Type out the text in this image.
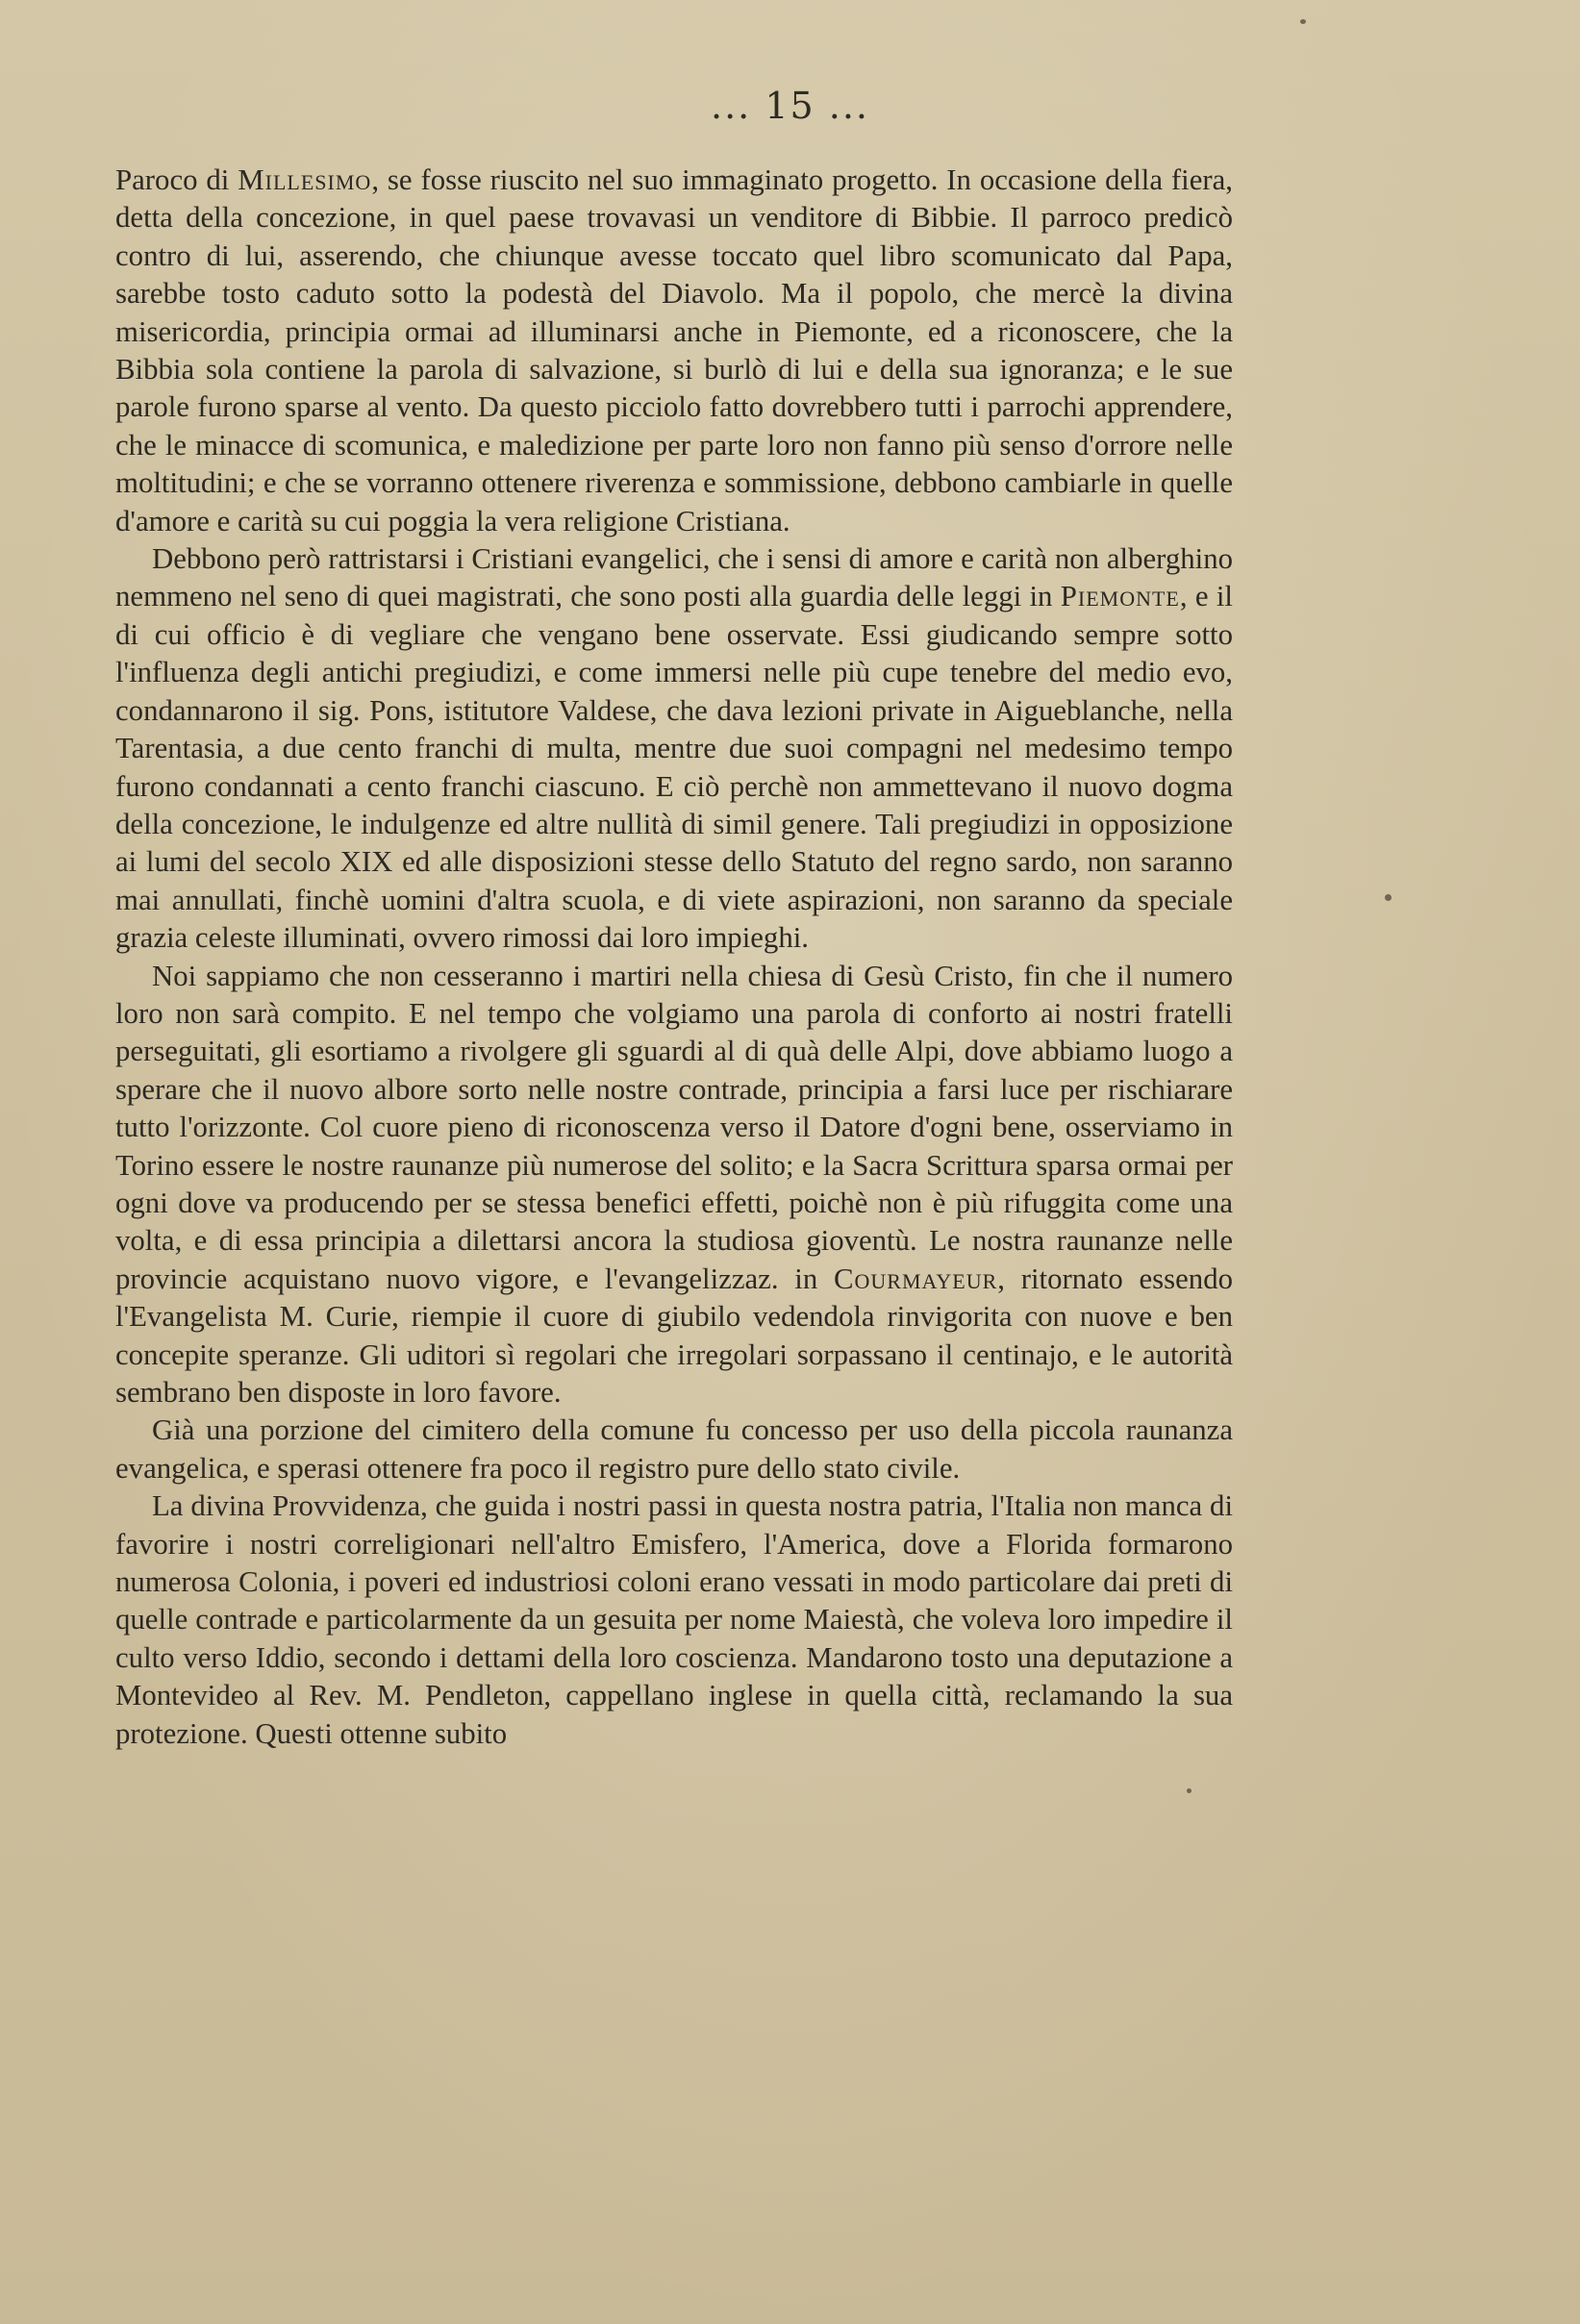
... 15 ...

Paroco di Millesimo, se fosse riuscito nel suo immaginato progetto. In occasione della fiera, detta della concezione, in quel paese trovavasi un venditore di Bibbie. Il parroco predicò contro di lui, asserendo, che chiunque avesse toccato quel libro scomunicato dal Papa, sarebbe tosto caduto sotto la podestà del Diavolo. Ma il popolo, che mercè la divina misericordia, principia ormai ad illuminarsi anche in Piemonte, ed a riconoscere, che la Bibbia sola contiene la parola di salvazione, si burlò di lui e della sua ignoranza; e le sue parole furono sparse al vento. Da questo picciolo fatto dovrebbero tutti i parrochi apprendere, che le minacce di scomunica, e maledizione per parte loro non fanno più senso d'orrore nelle moltitudini; e che se vorranno ottenere riverenza e sommissione, debbono cambiarle in quelle d'amore e carità su cui poggia la vera religione Cristiana.

Debbono però rattristarsi i Cristiani evangelici, che i sensi di amore e carità non alberghino nemmeno nel seno di quei magistrati, che sono posti alla guardia delle leggi in Piemonte, e il di cui officio è di vegliare che vengano bene osservate. Essi giudicando sempre sotto l'influenza degli antichi pregiudizi, e come immersi nelle più cupe tenebre del medio evo, condannarono il sig. Pons, istitutore Valdese, che dava lezioni private in Aigueblanche, nella Tarentasia, a due cento franchi di multa, mentre due suoi compagni nel medesimo tempo furono condannati a cento franchi ciascuno. E ciò perchè non ammettevano il nuovo dogma della concezione, le indulgenze ed altre nullità di simil genere. Tali pregiudizi in opposizione ai lumi del secolo XIX ed alle disposizioni stesse dello Statuto del regno sardo, non saranno mai annullati, finchè uomini d'altra scuola, e di viete aspirazioni, non saranno da speciale grazia celeste illuminati, ovvero rimossi dai loro impieghi.

Noi sappiamo che non cesseranno i martiri nella chiesa di Gesù Cristo, fin che il numero loro non sarà compito. E nel tempo che volgiamo una parola di conforto ai nostri fratelli perseguitati, gli esortiamo a rivolgere gli sguardi al di quà delle Alpi, dove abbiamo luogo a sperare che il nuovo albore sorto nelle nostre contrade, principia a farsi luce per rischiarare tutto l'orizzonte. Col cuore pieno di riconoscenza verso il Datore d'ogni bene, osserviamo in Torino essere le nostre raunanze più numerose del solito; e la Sacra Scrittura sparsa ormai per ogni dove va producendo per se stessa benefici effetti, poichè non è più rifuggita come una volta, e di essa principia a dilettarsi ancora la studiosa gioventù. Le nostra raunanze nelle provincie acquistano nuovo vigore, e l'evangelizzaz. in Courmayeur, ritornato essendo l'Evangelista M. Curie, riempie il cuore di giubilo vedendola rinvigorita con nuove e ben concepite speranze. Gli uditori sì regolari che irregolari sorpassano il centinajo, e le autorità sembrano ben disposte in loro favore.

Già una porzione del cimitero della comune fu concesso per uso della piccola raunanza evangelica, e sperasi ottenere fra poco il registro pure dello stato civile.

La divina Provvidenza, che guida i nostri passi in questa nostra patria, l'Italia non manca di favorire i nostri correligionari nell'altro Emisfero, l'America, dove a Florida formarono numerosa Colonia, i poveri ed industriosi coloni erano vessati in modo particolare dai preti di quelle contrade e particolarmente da un gesuita per nome Maiestà, che voleva loro impedire il culto verso Iddio, secondo i dettami della loro coscienza. Mandarono tosto una deputazione a Montevideo al Rev. M. Pendleton, cappellano inglese in quella città, reclamando la sua protezione. Questi ottenne subito
